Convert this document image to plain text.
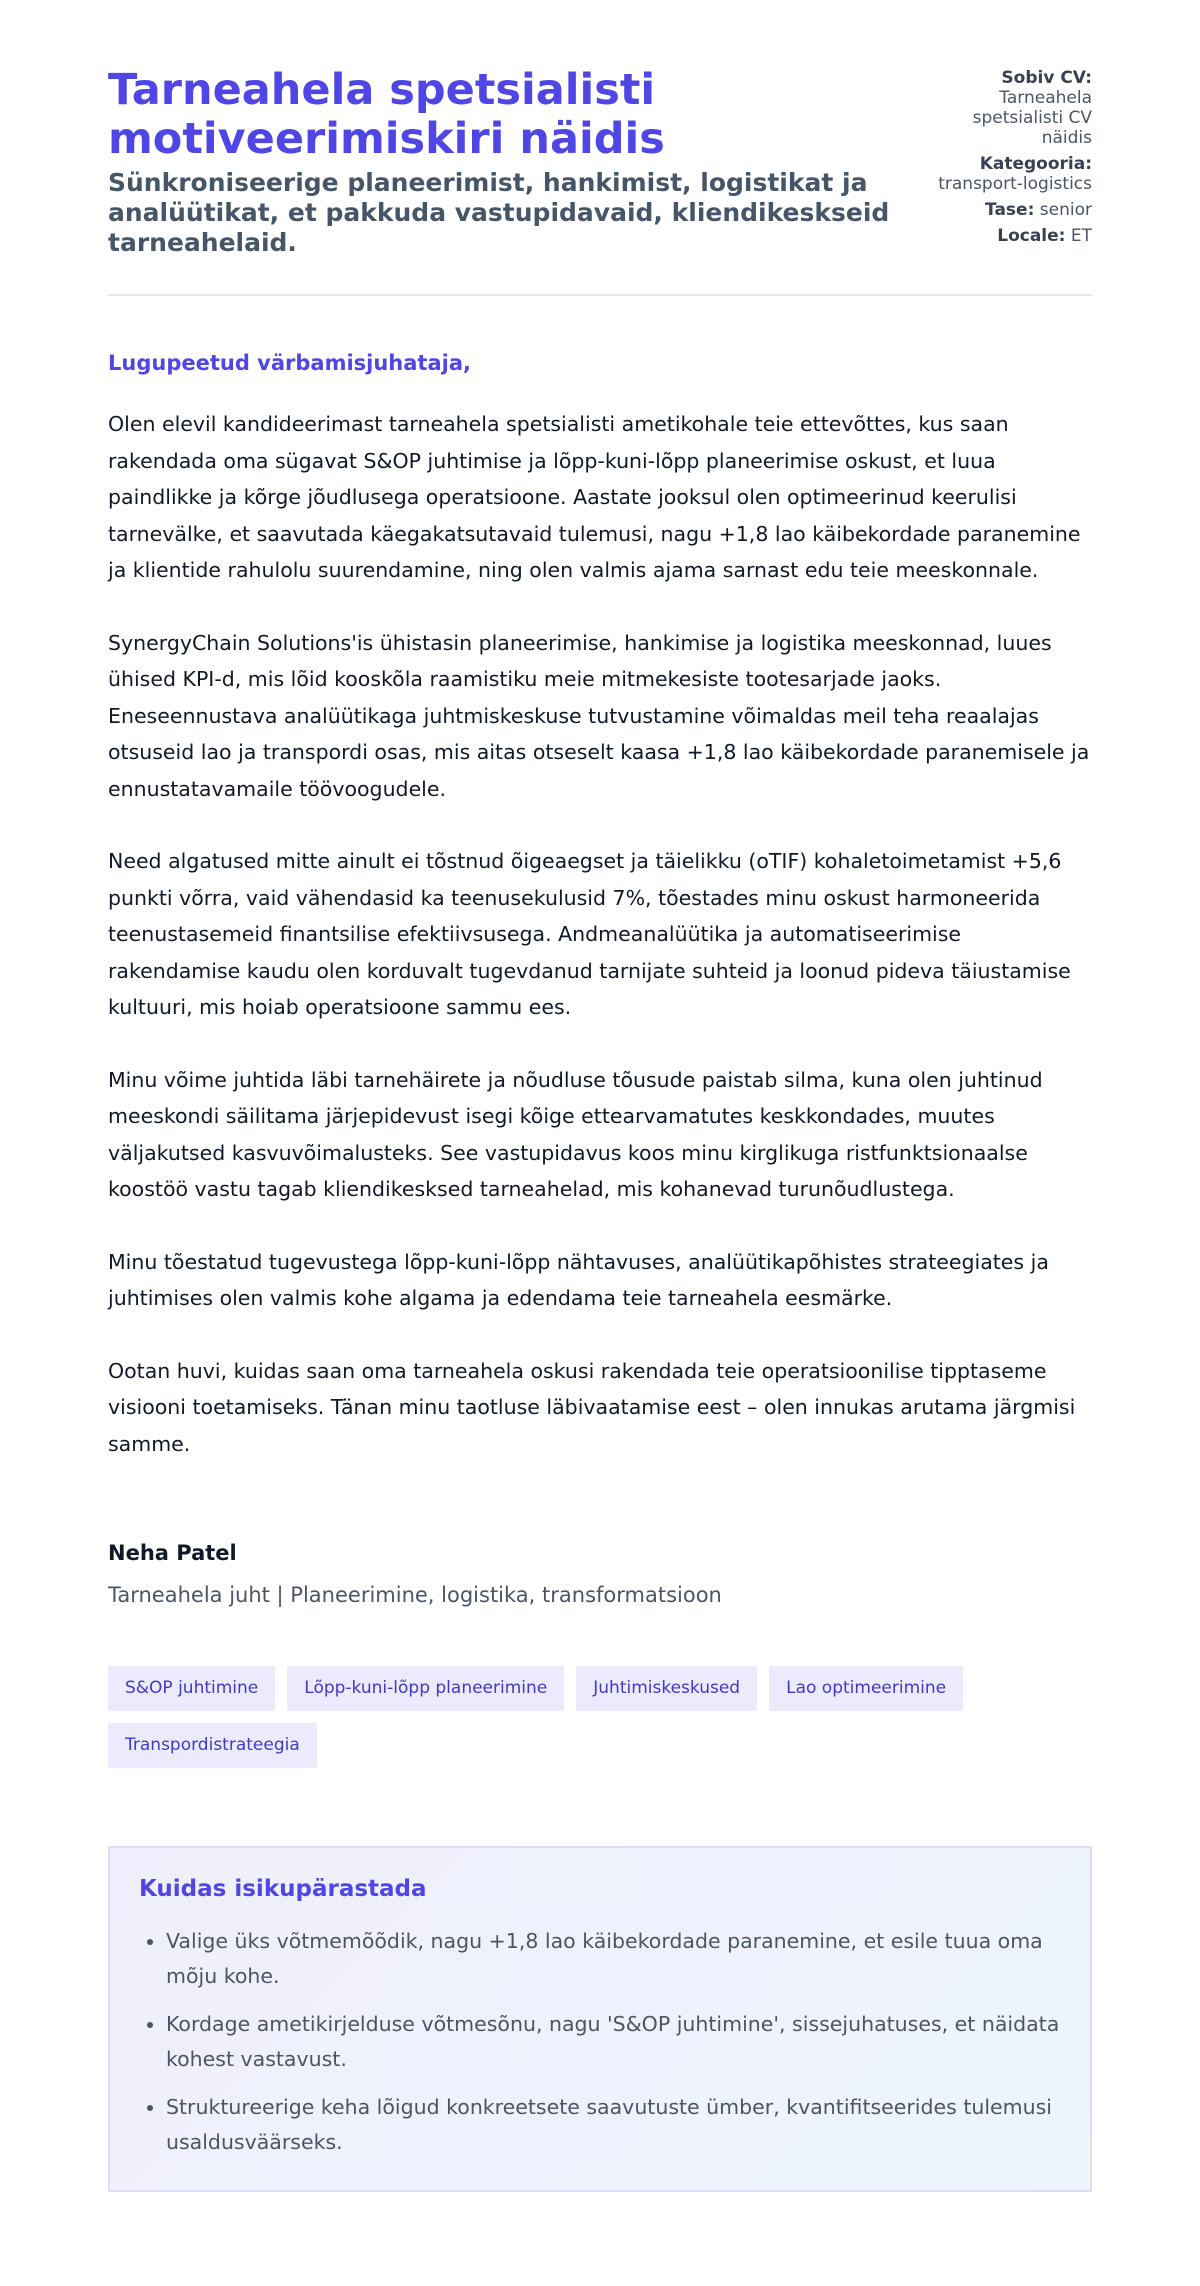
Tarneahela spetsialisti motiveerimiskiri näidis
Sünkroniseerige planeerimist, hankimist, logistikat ja analüütikat, et pakkuda vastupidavaid, kliendikeskseid tarneahelaid.
Sobiv CV: Tarneahela spetsialisti CV näidis
Kategooria: transport-logistics
Tase: senior
Locale: ET

Lugupeetud värbamisjuhataja,

Olen elevil kandideerimast tarneahela spetsialisti ametikohale teie ettevõttes, kus saan rakendada oma sügavat S&OP juhtimise ja lõpp-kuni-lõpp planeerimise oskust, et luua paindlikke ja kõrge jõudlusega operatsioone. Aastate jooksul olen optimeerinud keerulisi tarnevälke, et saavutada käegakatsutavaid tulemusi, nagu +1,8 lao käibekordade paranemine ja klientide rahulolu suurendamine, ning olen valmis ajama sarnast edu teie meeskonnale.

SynergyChain Solutions'is ühistasin planeerimise, hankimise ja logistika meeskonnad, luues ühised KPI-d, mis lõid kooskõla raamistiku meie mitmekesiste tootesarjade jaoks. Eneseennustava analüütikaga juhtmiskeskuse tutvustamine võimaldas meil teha reaalajas otsuseid lao ja transpordi osas, mis aitas otseselt kaasa +1,8 lao käibekordade paranemisele ja ennustatavamaile töövoogudele.

Need algatused mitte ainult ei tõstnud õigeaegset ja täielikku (oTIF) kohaletoimetamist +5,6 punkti võrra, vaid vähendasid ka teenusekulusid 7%, tõestades minu oskust harmoneerida teenustasemeid finantsilise efektiivsusega. Andmeanalüütika ja automatiseerimise rakendamise kaudu olen korduvalt tugevdanud tarnijate suhteid ja loonud pideva täiustamise kultuuri, mis hoiab operatsioone sammu ees.

Minu võime juhtida läbi tarnehäirete ja nõudluse tõusude paistab silma, kuna olen juhtinud meeskondi säilitama järjepidevust isegi kõige ettearvamatutes keskkondades, muutes väljakutsed kasvuvõimalusteks. See vastupidavus koos minu kirglikuga ristfunktsionaalse koostöö vastu tagab kliendikesksed tarneahelad, mis kohanevad turunõudlustega.

Minu tõestatud tugevustega lõpp-kuni-lõpp nähtavuses, analüütikapõhistes strateegiates ja juhtimises olen valmis kohe algama ja edendama teie tarneahela eesmärke.

Ootan huvi, kuidas saan oma tarneahela oskusi rakendada teie operatsioonilise tipptaseme visiooni toetamiseks. Tänan minu taotluse läbivaatamise eest – olen innukas arutama järgmisi samme.

Neha Patel

Tarneahela juht | Planeerimine, logistika, transformatsioon

S&OP juhtimine	Lõpp-kuni-lõpp planeerimine	Juhtimiskeskused	Lao optimeerimine
Transpordistrateegia
Kuidas isikupärastada
• Valige üks võtmemõõdik, nagu +1,8 lao käibekordade paranemine, et esile tuua oma mõju kohe.
• Kordage ametikirjelduse võtmesõnu, nagu 'S&OP juhtimine', sissejuhatuses, et näidata kohest vastavust.
• Struktureerige keha lõigud konkreetsete saavutuste ümber, kvantifitseerides tulemusi usaldusväärseks.
